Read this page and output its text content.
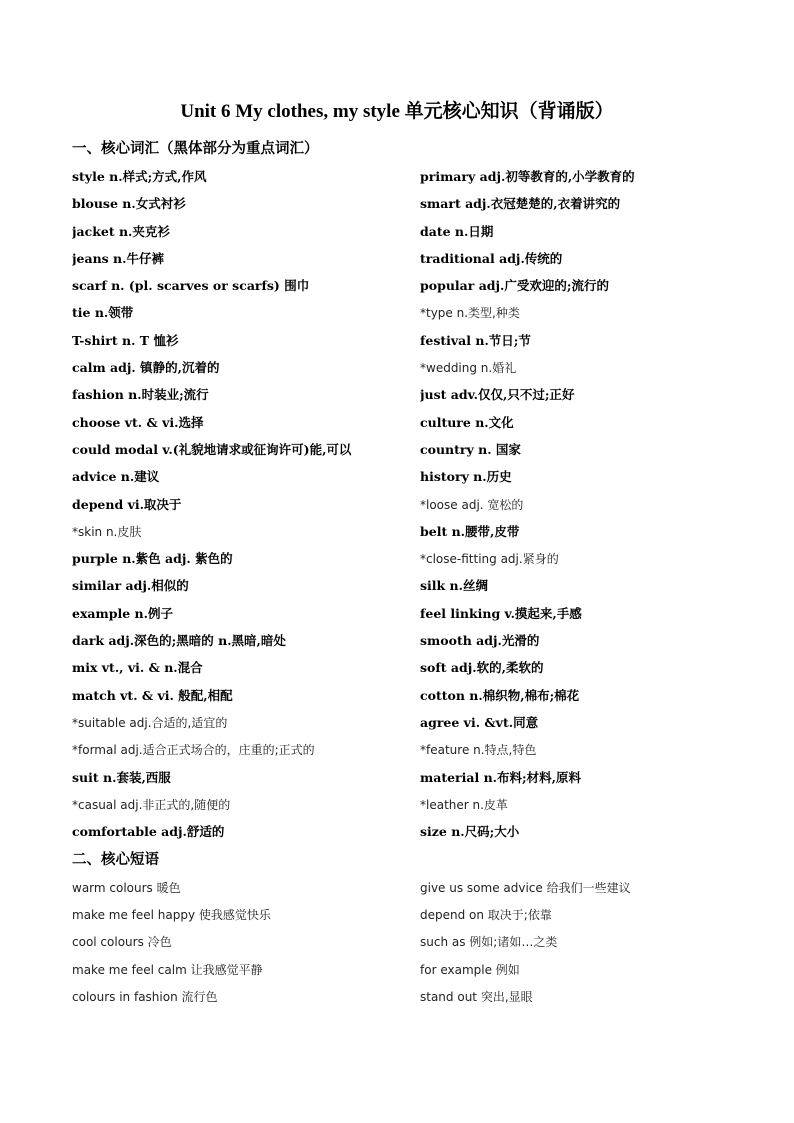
Unit 6 My clothes, my style 单元核心知识（背诵版）
一、核心词汇（黑体部分为重点词汇）
style n.样式;方式,作风	primary adj.初等教育的,小学教育的
blouse n.女式衬衫	smart adj.衣冠楚楚的,衣着讲究的
jacket n.夹克衫	date n.日期
jeans n.牛仔裤	traditional adj.传统的
scarf n. (pl. scarves or scarfs) 围巾	popular adj.广受欢迎的;流行的
tie n.领带	*type n.类型,种类
T-shirt n. T 恤衫	festival n.节日;节
calm adj. 镇静的,沉着的	*wedding n.婚礼
fashion n.时装业;流行	just adv.仅仅,只不过;正好
choose vt. & vi.选择	culture n.文化
could modal v.(礼貌地请求或征询许可)能,可以	country n. 国家
advice n.建议	history n.历史
depend vi.取决于	*loose adj. 宽松的
*skin n.皮肤	belt n.腰带,皮带
purple n.紫色 adj. 紫色的	*close-fitting adj.紧身的
similar adj.相似的	silk n.丝绸
example n.例子	feel linking v.摸起来,手感
dark adj.深色的;黑暗的 n.黑暗,暗处	smooth adj.光滑的
mix vt., vi. & n.混合	soft adj.软的,柔软的
match vt. & vi. 般配,相配	cotton n.棉织物,棉布;棉花
*suitable adj.合适的,适宜的	agree vi. &vt.同意
*formal adj.适合正式场合的，庄重的;正式的	*feature n.特点,特色
suit n.套装,西服	material n.布料;材料,原料
*casual adj.非正式的,随便的	*leather n.皮革
comfortable adj.舒适的	size n.尺码;大小
二、核心短语
warm colours 暖色	give us some advice 给我们一些建议
make me feel happy 使我感觉快乐	depend on 取决于;依靠
cool colours 冷色	such as 例如;诸如…之类
make me feel calm 让我感觉平静	for example 例如
colours in fashion 流行色	stand out 突出,显眼
